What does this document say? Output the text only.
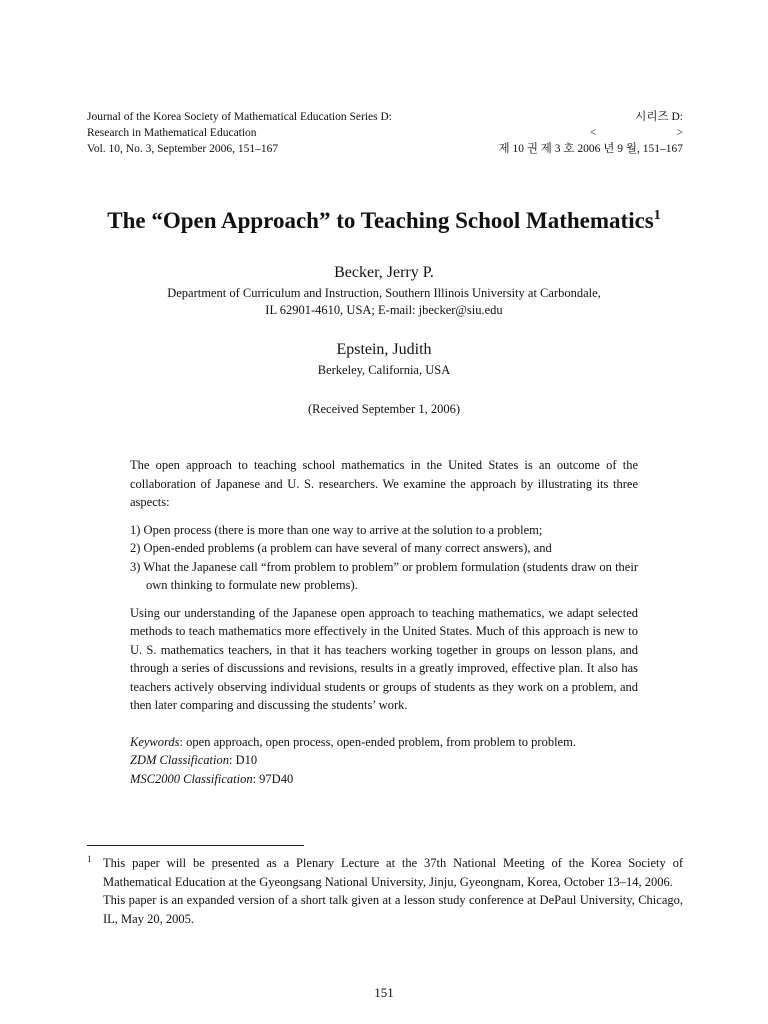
Journal of the Korea Society of Mathematical Education Series D:
Research in Mathematical Education
Vol. 10, No. 3, September 2006, 151–167
시리즈 D:
<	>
제 10 권 제 3 호 2006 년 9 월, 151–167
The “Open Approach” to Teaching School Mathematics$^1$
Becker, Jerry P.
Department of Curriculum and Instruction, Southern Illinois University at Carbondale,
IL 62901-4610, USA; E-mail: jbecker@siu.edu
Epstein, Judith
Berkeley, California, USA
(Received September 1, 2006)

The open approach to teaching school mathematics in the United States is an outcome of the collaboration of Japanese and U. S. researchers. We examine the approach by illustrating its three aspects:

1) Open process (there is more than one way to arrive at the solution to a problem;
2) Open-ended problems (a problem can have several of many correct answers), and
3) What the Japanese call “from problem to problem” or problem formulation (students draw on their own thinking to formulate new problems).

Using our understanding of the Japanese open approach to teaching mathematics, we adapt selected methods to teach mathematics more effectively in the United States. Much of this approach is new to U. S. mathematics teachers, in that it has teachers working together in groups on lesson plans, and through a series of discussions and revisions, results in a greatly improved, effective plan. It also has teachers actively observing individual students or groups of students as they work on a problem, and then later comparing and discussing the students’ work.

Keywords: open approach, open process, open-ended problem, from problem to problem.
ZDM Classification: D10
MSC2000 Classification: 97D40
1 This paper will be presented as a Plenary Lecture at the 37th National Meeting of the Korea Society of Mathematical Education at the Gyeongsang National University, Jinju, Gyeongnam, Korea, October 13–14, 2006.
This paper is an expanded version of a short talk given at a lesson study conference at DePaul University, Chicago, IL, May 20, 2005.
151
